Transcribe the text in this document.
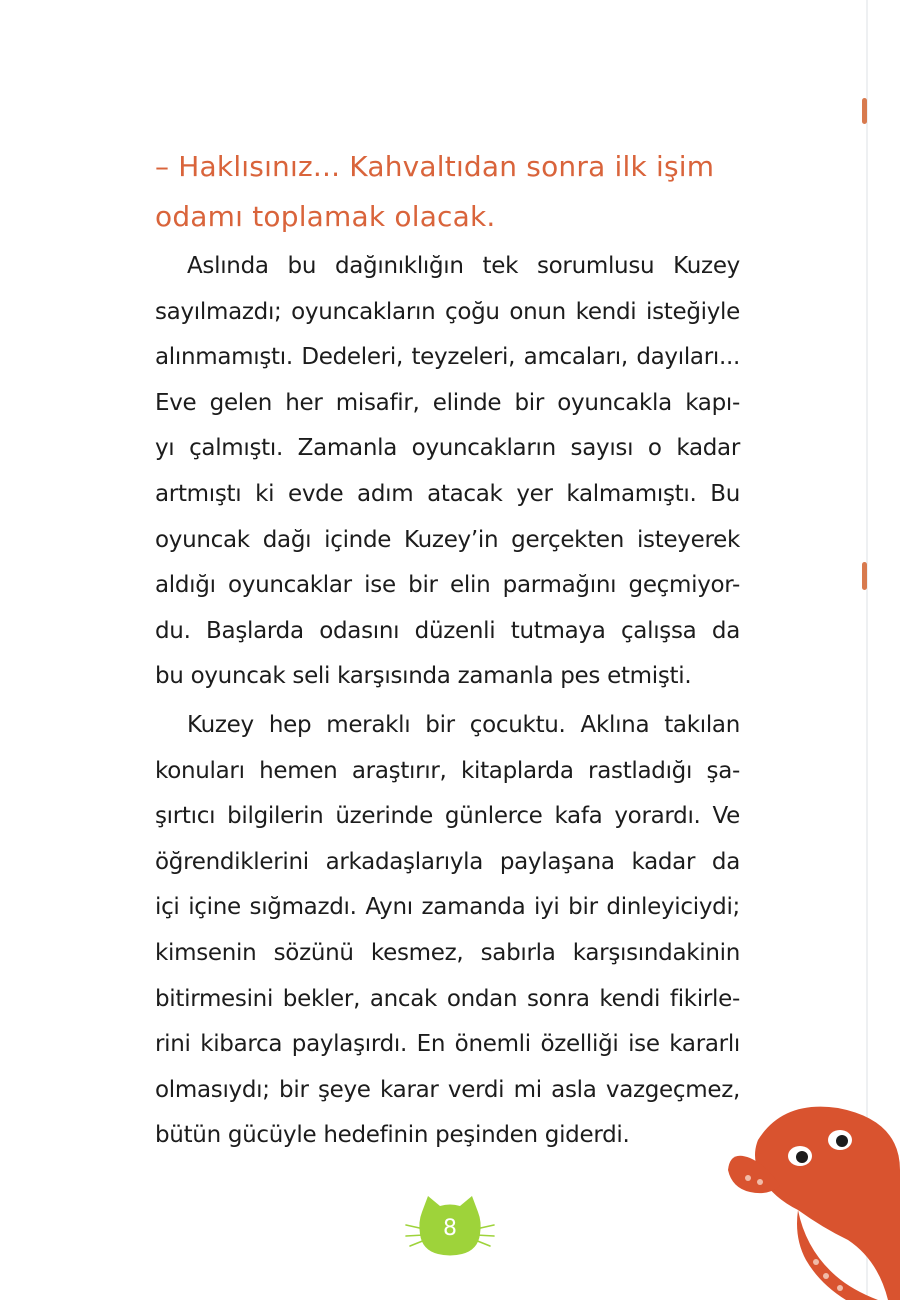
– Haklısınız... Kahvaltıdan sonra ilk işim

odamı toplamak olacak.

Aslında bu dağınıklığın tek sorumlusu Kuzey
sayılmazdı; oyuncakların çoğu onun kendi isteğiyle
alınmamıştı. Dedeleri, teyzeleri, amcaları, dayıları...
Eve gelen her misafir, elinde bir oyuncakla kapı-
yı çalmıştı. Zamanla oyuncakların sayısı o kadar
artmıştı ki evde adım atacak yer kalmamıştı. Bu
oyuncak dağı içinde Kuzey’in gerçekten isteyerek
aldığı oyuncaklar ise bir elin parmağını geçmiyor-
du. Başlarda odasını düzenli tutmaya çalışsa da
bu oyuncak seli karşısında zamanla pes etmişti.
Kuzey hep meraklı bir çocuktu. Aklına takılan
konuları hemen araştırır, kitaplarda rastladığı şa-
şırtıcı bilgilerin üzerinde günlerce kafa yorardı. Ve
öğrendiklerini arkadaşlarıyla paylaşana kadar da
içi içine sığmazdı. Aynı zamanda iyi bir dinleyiciydi;
kimsenin sözünü kesmez, sabırla karşısındakinin
bitirmesini bekler, ancak ondan sonra kendi fikirle-
rini kibarca paylaşırdı. En önemli özelliği ise kararlı
olmasıydı; bir şeye karar verdi mi asla vazgeçmez,
bütün gücüyle hedefinin peşinden giderdi.
8
